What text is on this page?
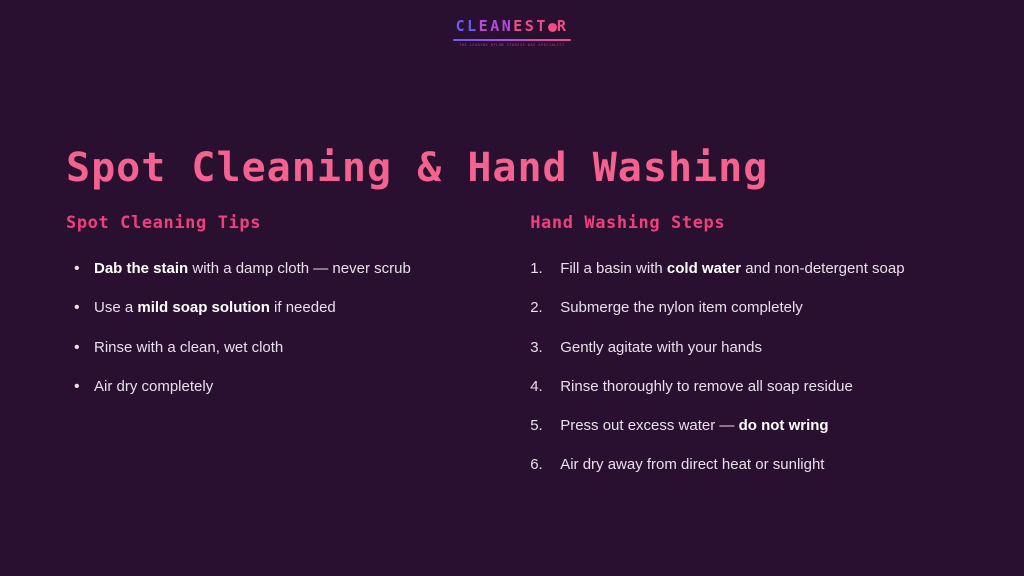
CLEANEST R
THE LEADING NYLON STORAGE BAG SPECIALIST
Spot Cleaning & Hand Washing
Spot Cleaning Tips
• Dab the stain with a damp cloth — never scrub
• Use a mild soap solution if needed
• Rinse with a clean, wet cloth
• Air dry completely
Hand Washing Steps
1. Fill a basin with cold water and non-detergent soap
2. Submerge the nylon item completely
3. Gently agitate with your hands
4. Rinse thoroughly to remove all soap residue
5. Press out excess water — do not wring
6. Air dry away from direct heat or sunlight
